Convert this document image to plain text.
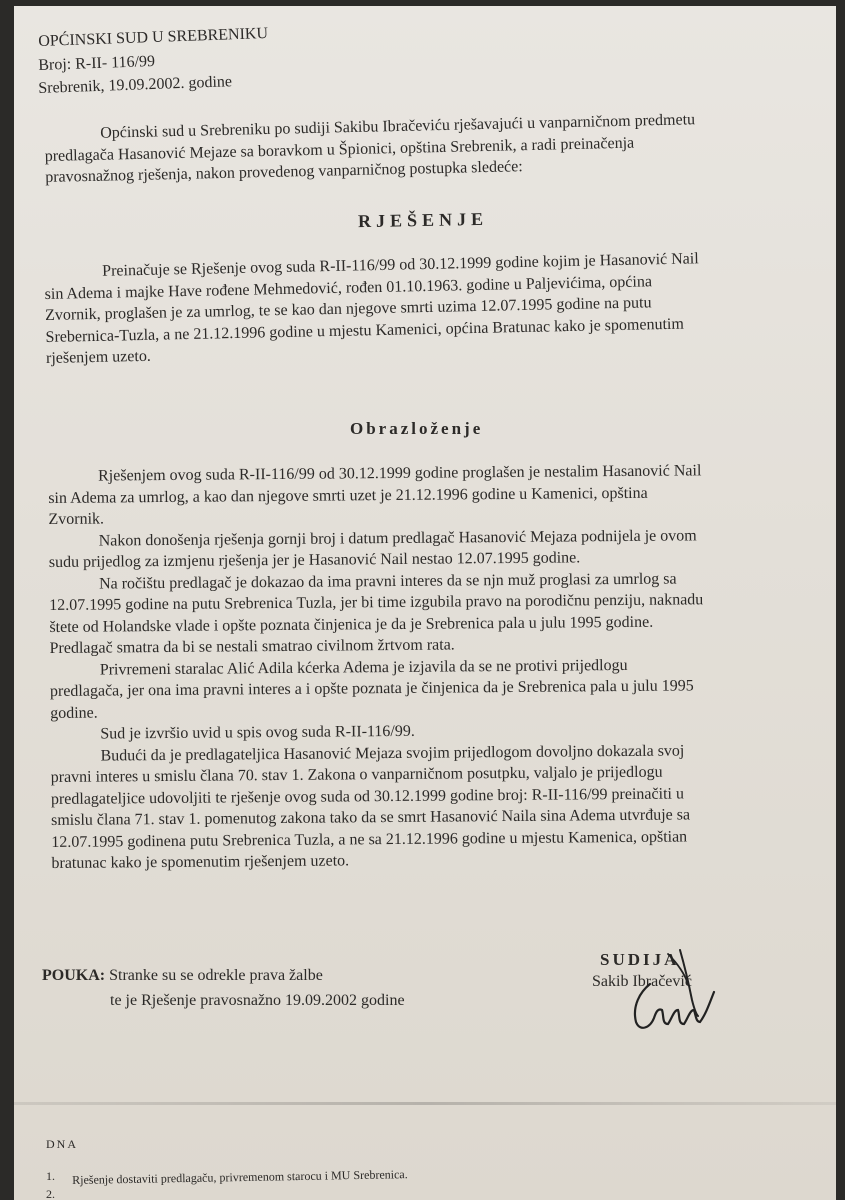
OPĆINSKI SUD U SREBRENIKU
Broj: R-II- 116/99
Srebrenik, 19.09.2002. godine
Općinski sud u Srebreniku po sudiji Sakibu Ibračeviću rješavajući u vanparničnom predmetu
predlagača Hasanović Mejaze sa boravkom u Špionici, opština Srebrenik, a radi preinačenja
pravosnažnog rješenja, nakon provedenog vanparničnog postupka sledeće:
RJEŠENJE
Preinačuje se Rješenje ovog suda R-II-116/99 od 30.12.1999 godine kojim je Hasanović Nail
sin Adema i majke Have rođene Mehmedović, rođen 01.10.1963. godine u Paljevićima, općina
Zvornik, proglašen je za umrlog, te se kao dan njegove smrti uzima 12.07.1995 godine na putu
Srebernica-Tuzla, a ne 21.12.1996 godine u mjestu Kamenici, općina Bratunac kako je spomenutim
rješenjem uzeto.
Obrazloženje
Rješenjem ovog suda R-II-116/99 od 30.12.1999 godine proglašen je nestalim Hasanović Nail
sin Adema za umrlog, a kao dan njegove smrti uzet je 21.12.1996 godine u Kamenici, opština
Zvornik.
Nakon donošenja rješenja gornji broj i datum predlagač Hasanović Mejaza podnijela je ovom
sudu prijedlog za izmjenu rješenja jer je Hasanović Nail nestao 12.07.1995 godine.
Na ročištu predlagač je dokazao da ima pravni interes da se njn muž proglasi za umrlog sa
12.07.1995 godine na putu Srebrenica Tuzla, jer bi time izgubila pravo na porodičnu penziju, naknadu
štete od Holandske vlade i opšte poznata činjenica je da je Srebrenica pala u julu 1995 godine.
Predlagač smatra da bi se nestali smatrao civilnom žrtvom rata.
Privremeni staralac Alić Adila kćerka Adema je izjavila da se ne protivi prijedlogu
predlagača, jer ona ima pravni interes a i opšte poznata je činjenica da je Srebrenica pala u julu 1995
godine.
Sud je izvršio uvid u spis ovog suda R-II-116/99.
Budući da je predlagateljica Hasanović Mejaza svojim prijedlogom dovoljno dokazala svoj
pravni interes u smislu člana 70. stav 1. Zakona o vanparničnom posutpku, valjalo je prijedlogu
predlagateljice udovoljiti te rješenje ovog suda od 30.12.1999 godine broj: R-II-116/99 preinačiti u
smislu člana 71. stav 1. pomenutog zakona tako da se smrt Hasanović Naila sina Adema utvrđuje sa
12.07.1995 godinena putu Srebrenica Tuzla, a ne sa 21.12.1996 godine u mjestu Kamenica, opštian
bratunac kako je spomenutim rješenjem uzeto.
POUKA: Stranke su se odrekle prava žalbe
te je Rješenje pravosnažno 19.09.2002 godine
SUDIJA
Sakib Ibračević
DNA
1. Rješenje dostaviti predlagaču, privremenom starocu i MU Srebrenica.
2.
